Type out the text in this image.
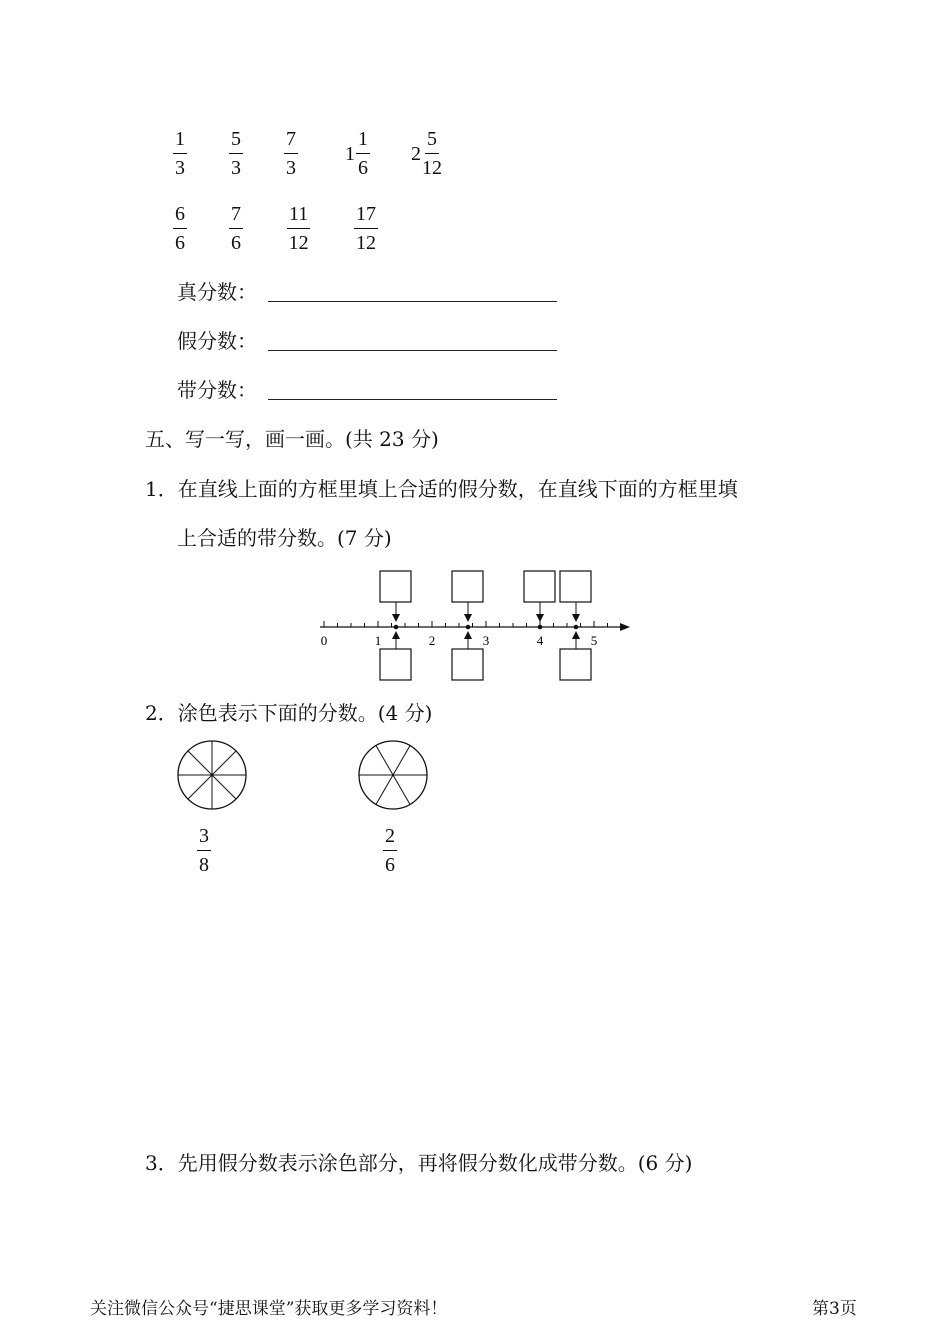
$\frac{1}{3} \frac{5}{3} \frac{7}{3} 1 \frac{1}{6} 2 \frac{5}{12}$
$\frac{6}{6} \frac{7}{6} \frac{11}{12} \frac{17}{12}$
真分数：
假分数：
带分数：
五、写一写，画一画。(共 23 分)
1．在直线上面的方框里填上合适的假分数，在直线下面的方框里填
上合适的带分数。(7 分)
0	1	2	3	4	5
2．涂色表示下面的分数。(4 分)
$\frac{3}{8}$	$\frac{2}{6}$
3．先用假分数表示涂色部分，再将假分数化成带分数。(6 分)
关注微信公众号“捷思课堂”获取更多学习资料！	第3页
